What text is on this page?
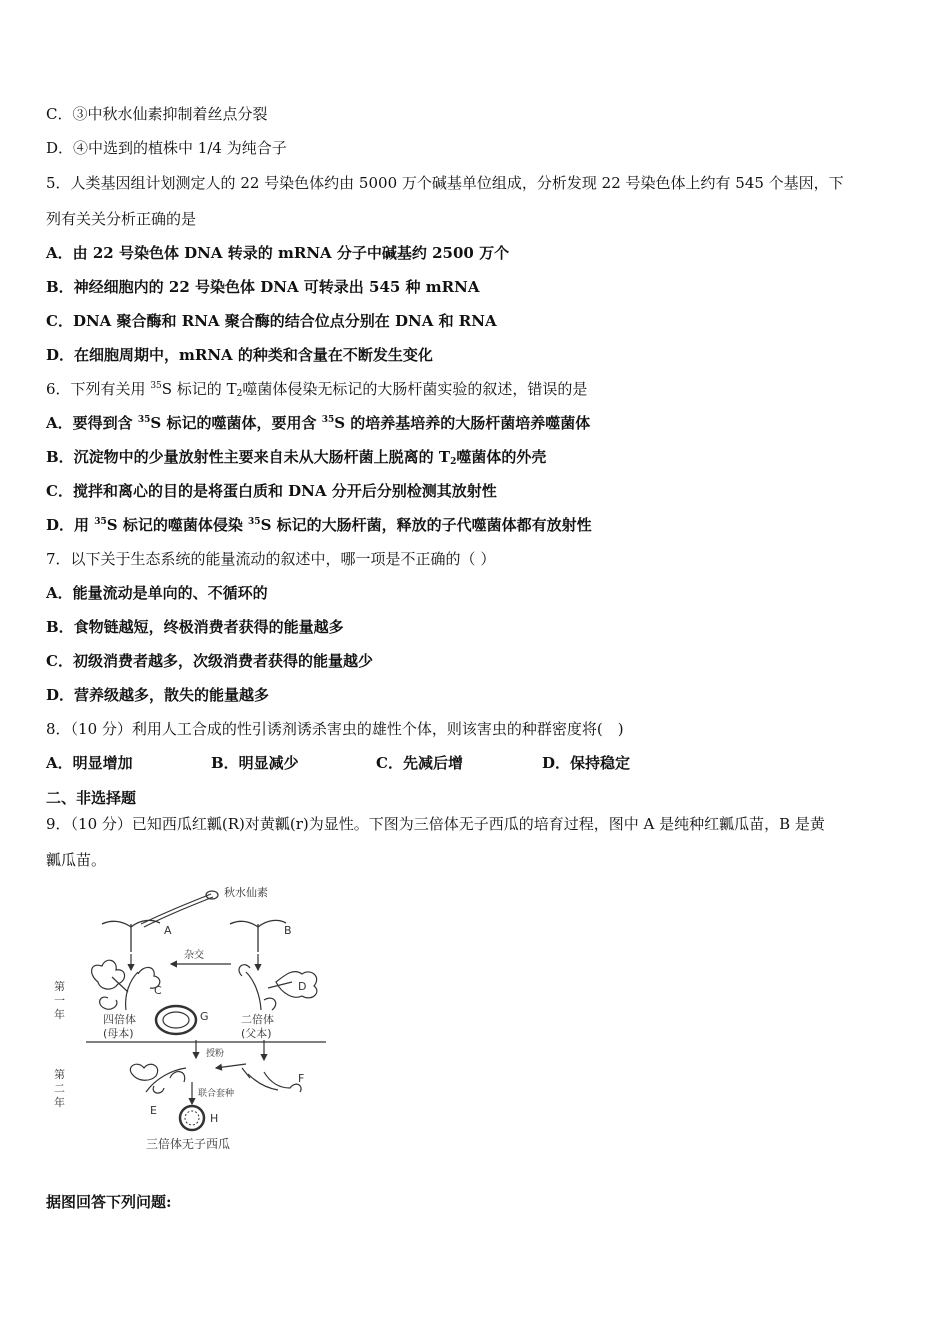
C．③中秋水仙素抑制着丝点分裂
D．④中选到的植株中 1/4 为纯合子
5．人类基因组计划测定人的 22 号染色体约由 5000 万个碱基单位组成，分析发现 22 号染色体上约有 545 个基因，下
列有关关分析正确的是
A．由 22 号染色体 DNA 转录的 mRNA 分子中碱基约 2500 万个
B．神经细胞内的 22 号染色体 DNA 可转录出 545 种 mRNA
C．DNA 聚合酶和 RNA 聚合酶的结合位点分别在 DNA 和 RNA
D．在细胞周期中，mRNA 的种类和含量在不断发生变化
6．下列有关用 $^{35}$S 标记的 $T_2$噬菌体侵染无标记的大肠杆菌实验的叙述，错误的是
A．要得到含 $^{35}$S 标记的噬菌体，要用含 $^{35}$S 的培养基培养的大肠杆菌培养噬菌体
B．沉淀物中的少量放射性主要来自未从大肠杆菌上脱离的 $T_2$噬菌体的外壳
C．搅拌和离心的目的是将蛋白质和 DNA 分开后分别检测其放射性
D．用 $^{35}$S 标记的噬菌体侵染 $^{35}$S 标记的大肠杆菌，释放的子代噬菌体都有放射性
7．以下关于生态系统的能量流动的叙述中，哪一项是不正确的（ ）
A．能量流动是单向的、不循环的
B．食物链越短，终极消费者获得的能量越多
C．初级消费者越多，次级消费者获得的能量越少
D．营养级越多，散失的能量越多
8．（10 分）利用人工合成的性引诱剂诱杀害虫的雄性个体，则该害虫的种群密度将(　)
A．明显增加	B．明显减少	C．先减后增	D．保持稳定
二、非选择题
9．（10 分）已知西瓜红瓤(R)对黄瓤(r)为显性。下图为三倍体无子西瓜的培育过程，图中 A 是纯种红瓤瓜苗，B 是黄
瓤瓜苗。
秋水仙素
A	B
杂交
第
一
年
C	D
G
四倍体
(母本)
二倍体
(父本)
授粉
第
二
年
E
F
联合套种
H
三倍体无子西瓜
据图回答下列问题:
